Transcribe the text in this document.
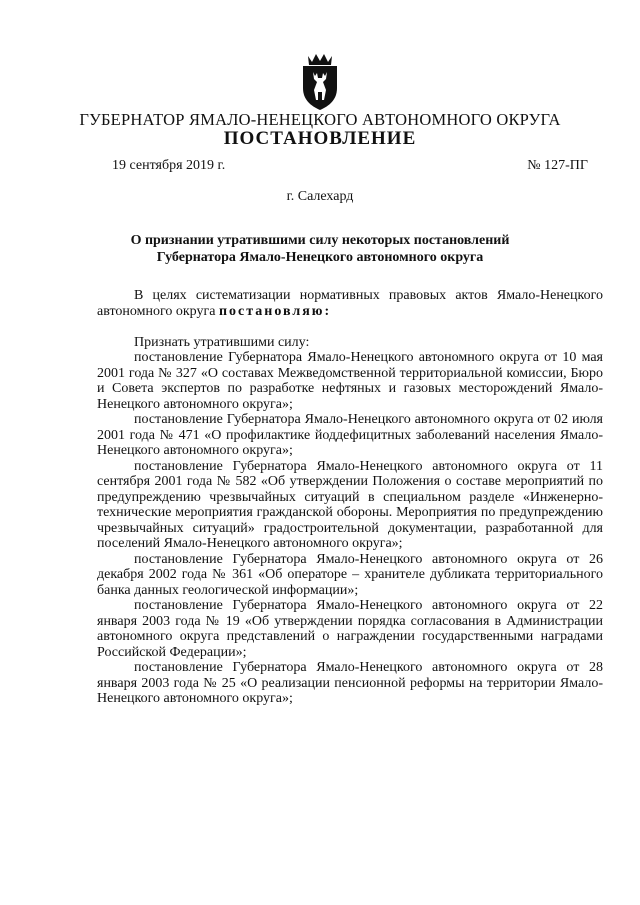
ГУБЕРНАТОР ЯМАЛО-НЕНЕЦКОГО АВТОНОМНОГО ОКРУГА
ПОСТАНОВЛЕНИЕ
19 сентября 2019 г.	№ 127-ПГ
г. Салехард
О признании утратившими силу некоторых постановлений
Губернатора Ямало-Ненецкого автономного округа

В целях систематизации нормативных правовых актов Ямало-Ненецкого автономного округа постановляю:

Признать утратившими силу:

постановление Губернатора Ямало-Ненецкого автономного округа от 10 мая 2001 года № 327 «О составах Межведомственной территориальной комиссии, Бюро и Совета экспертов по разработке нефтяных и газовых месторождений Ямало-Ненецкого автономного округа»;

постановление Губернатора Ямало-Ненецкого автономного округа от 02 июля 2001 года № 471 «О профилактике йоддефицитных заболеваний населения Ямало-Ненецкого автономного округа»;

постановление Губернатора Ямало-Ненецкого автономного округа от 11 сентября 2001 года № 582 «Об утверждении Положения о составе мероприятий по предупреждению чрезвычайных ситуаций в специальном разделе «Инженерно-технические мероприятия гражданской обороны. Мероприятия по предупреждению чрезвычайных ситуаций» градостроительной документации, разработанной для поселений Ямало-Ненецкого автономного округа»;

постановление Губернатора Ямало-Ненецкого автономного округа от 26 декабря 2002 года № 361 «Об операторе – хранителе дубликата территориального банка данных геологической информации»;

постановление Губернатора Ямало-Ненецкого автономного округа от 22 января 2003 года № 19 «Об утверждении порядка согласования в Администрации автономного округа представлений о награждении государственными наградами Российской Федерации»;

постановление Губернатора Ямало-Ненецкого автономного округа от 28 января 2003 года № 25 «О реализации пенсионной реформы на территории Ямало-Ненецкого автономного округа»;
